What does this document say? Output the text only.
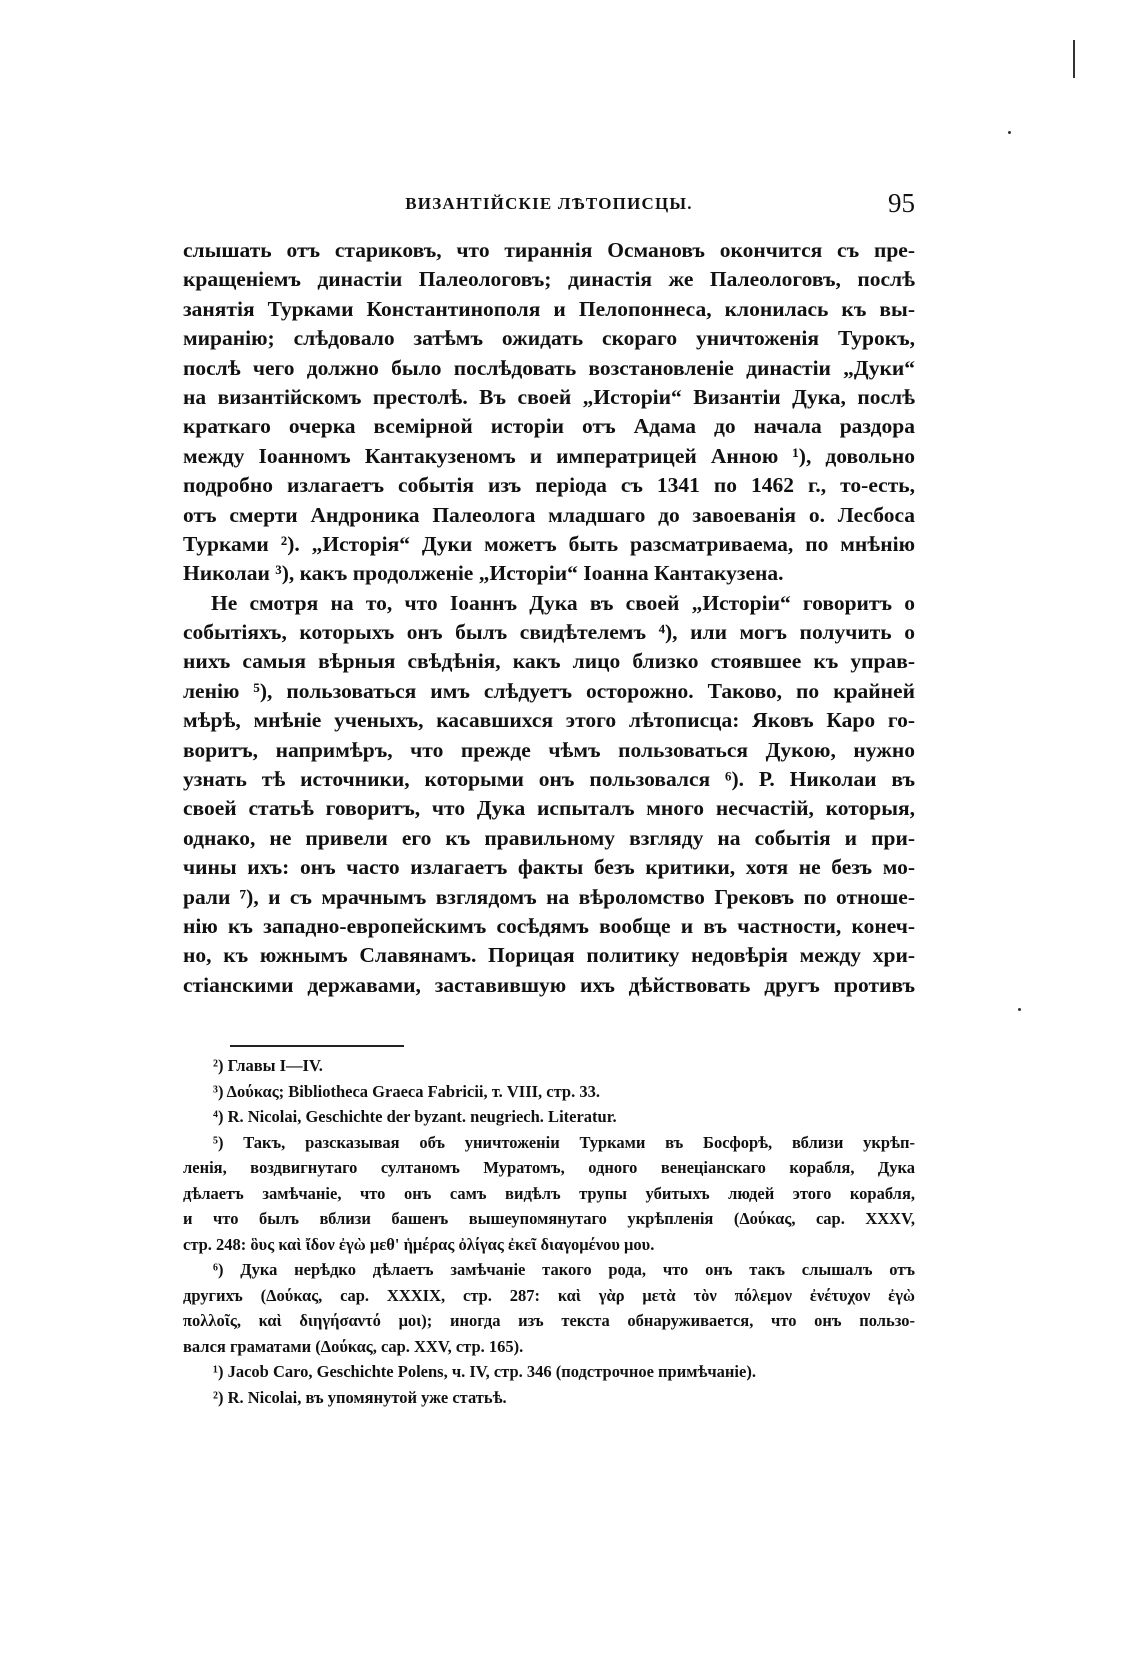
ВИЗАНТIЙСКIЕ ЛѢТОПИСЦЫ.	95
слышать отъ стариковъ, что тираннiя Османовъ окончится съ пре-
кращенiемъ династiи Палеологовъ; династiя же Палеологовъ, послѣ
занятiя Турками Константинополя и Пелопоннеса, клонилась къ вы-
миранiю; слѣдовало затѣмъ ожидать скораго уничтоженiя Турокъ,
послѣ чего должно было послѣдовать возстановленiе династiи „Дуки“
на византiйскомъ престолѣ. Въ своей „Исторiи“ Византiи Дука, послѣ
краткаго очерка всемiрной исторiи отъ Адама до начала раздора
между Iоанномъ Кантакузеномъ и императрицей Анною ¹), довольно
подробно излагаетъ событiя изъ перiода съ 1341 по 1462 г., то-есть,
отъ смерти Андроника Палеолога младшаго до завоеванiя о. Лесбоса
Турками ²). „Исторiя“ Дуки можетъ быть разсматриваема, по мнѣнiю
Николаи ³), какъ продолженiе „Исторiи“ Iоанна Кантакузена.
Не смотря на то, что Iоаннъ Дука въ своей „Исторiи“ говоритъ о
событiяхъ, которыхъ онъ былъ свидѣтелемъ ⁴), или могъ получить о
нихъ самыя вѣрныя свѣдѣнiя, какъ лицо близко стоявшее къ управ-
ленiю ⁵), пользоваться имъ слѣдуетъ осторожно. Таково, по крайней
мѣрѣ, мнѣнiе ученыхъ, касавшихся этого лѣтописца: Яковъ Каро го-
воритъ, напримѣръ, что прежде чѣмъ пользоваться Дукою, нужно
узнать тѣ источники, которыми онъ пользовался ⁶). Р. Николаи въ
своей статьѣ говоритъ, что Дука испыталъ много несчастiй, которыя,
однако, не привели его къ правильному взгляду на событiя и при-
чины ихъ: онъ часто излагаетъ факты безъ критики, хотя не безъ мо-
рали ⁷), и съ мрачнымъ взглядомъ на вѣроломство Грековъ по отноше-
нiю къ западно-европейскимъ сосѣдямъ вообще и въ частности, конеч-
но, къ южнымъ Славянамъ. Порицая политику недовѣрiя между хри-
стiанскими державами, заставившую ихъ дѣйствовать другъ противъ
²) Главы I—IV.
³) Δούκας; Bibliotheca Graeca Fabricii, т. VIII, стр. 33.
⁴) R. Nicolai, Geschichte der byzant. neugriech. Literatur.
⁵) Такъ, разсказывая объ уничтоженiи Турками въ Босфорѣ, вблизи укрѣп-
ленiя, воздвигнутаго султаномъ Муратомъ, одного венецiанскаго корабля, Дука
дѣлаетъ замѣчанiе, что онъ самъ видѣлъ трупы убитыхъ людей этого корабля,
и что былъ вблизи башенъ вышеупомянутаго укрѣпленiя (Δούκας, cap. XXXV,
стр. 248: ὃυς καὶ ἴδον ἐγὼ μεθ' ἡμέρας ὀλίγας ἐκεῖ διαγομένου μου.
⁶) Дука нерѣдко дѣлаетъ замѣчанiе такого рода, что онъ такъ слышалъ отъ
другихъ (Δούκας, cap. XXXIX, стр. 287: καὶ γὰρ μετὰ τὸν πόλεμον ἐνέτυχον ἐγὼ
πολλοῖς, καὶ διηγήσαντό μοι); иногда изъ текста обнаруживается, что онъ пользо-
вался граматами (Δούκας, cap. XXV, стр. 165).
¹) Jacob Caro, Geschichte Polens, ч. IV, стр. 346 (подстрочное примѣчанiе).
²) R. Nicolai, въ упомянутой уже статьѣ.
